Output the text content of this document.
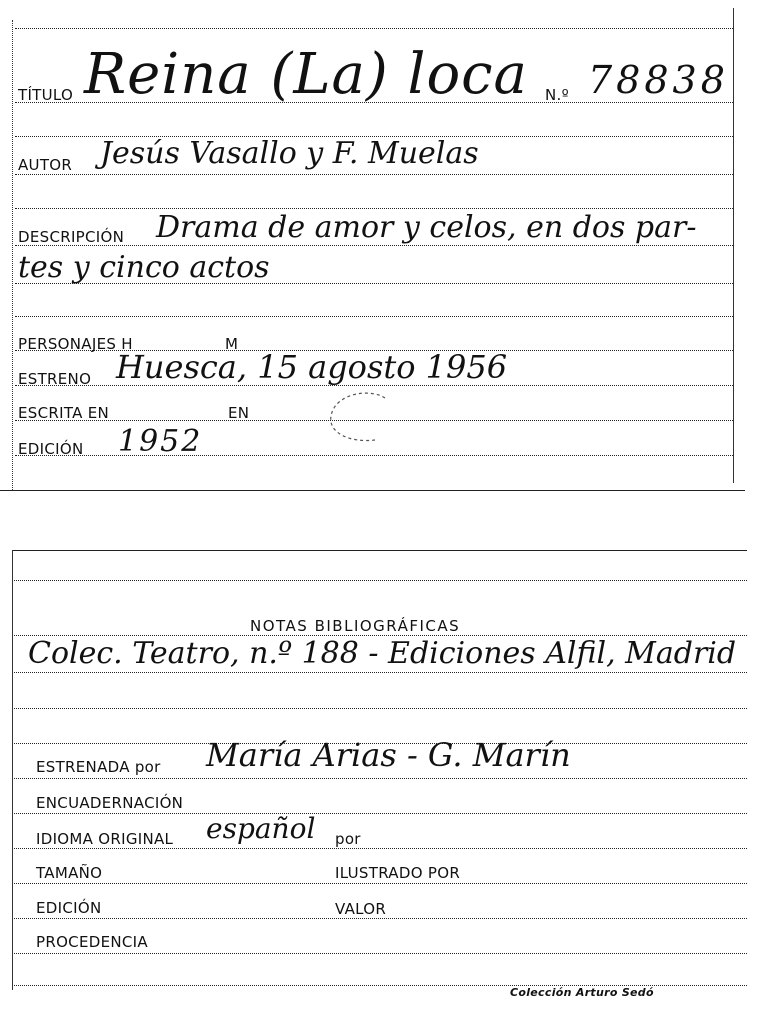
TÍTULO Reina (La) loca N.º 78838
AUTOR Jesús Vasallo y F. Muelas
DESCRIPCIÓN Drama de amor y celos, en dos par-
tes y cinco actos
PERSONAJES H	M
ESTRENO Huesca, 15 agosto 1956
ESCRITA EN	EN
EDICIÓN 1952
NOTAS BIBLIOGRÁFICAS
Colec. Teatro, n.º 188 - Ediciones Alfil, Madrid
ESTRENADA por María Arias - G. Marín
ENCUADERNACIÓN
IDIOMA ORIGINAL español por
TAMAÑO	ILUSTRADO POR
EDICIÓN	VALOR
PROCEDENCIA
Colección Arturo Sedó
